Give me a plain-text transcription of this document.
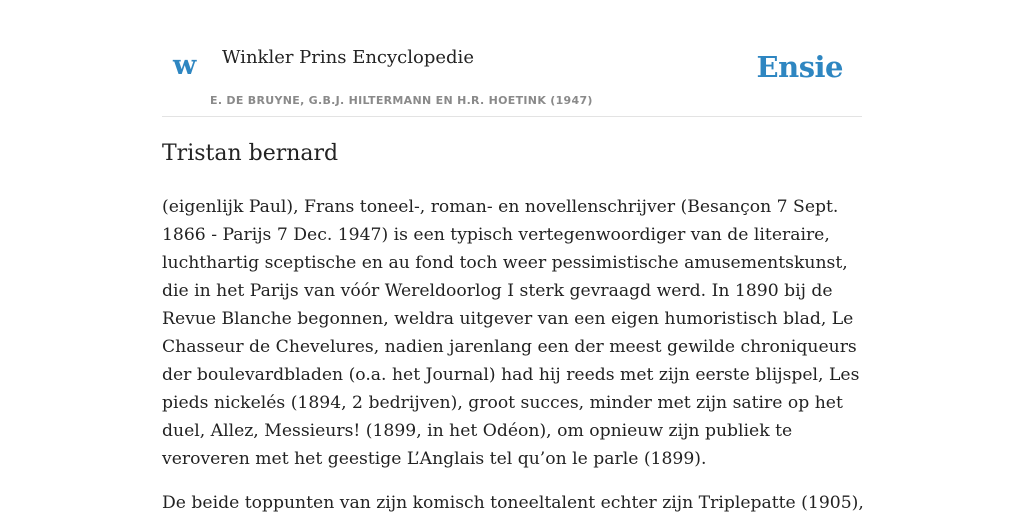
w Winkler Prins Encyclopedie
E. DE BRUYNE, G.B.J. HILTERMANN EN H.R. HOETINK (1947)
Ensie
Tristan bernard

(eigenlijk Paul), Frans toneel-, roman- en novellenschrijver (Besançon 7 Sept. 1866 - Parijs 7 Dec. 1947) is een typisch vertegenwoordiger van de literaire, luchthartig sceptische en au fond toch weer pessimistische amusementskunst, die in het Parijs van vóór Wereldoorlog I sterk gevraagd werd. In 1890 bij de Revue Blanche begonnen, weldra uitgever van een eigen humoristisch blad, Le Chasseur de Chevelures, nadien jarenlang een der meest gewilde chroniqueurs der boulevardbladen (o.a. het Journal) had hij reeds met zijn eerste blijspel, Les pieds nickelés (1894, 2 bedrijven), groot succes, minder met zijn satire op het duel, Allez, Messieurs! (1899, in het Odéon), om opnieuw zijn publiek te veroveren met het geestige L’Anglais tel qu’on le parle (1899).

De beide toppunten van zijn komisch toneeltalent echter zijn Triplepatte (1905),
